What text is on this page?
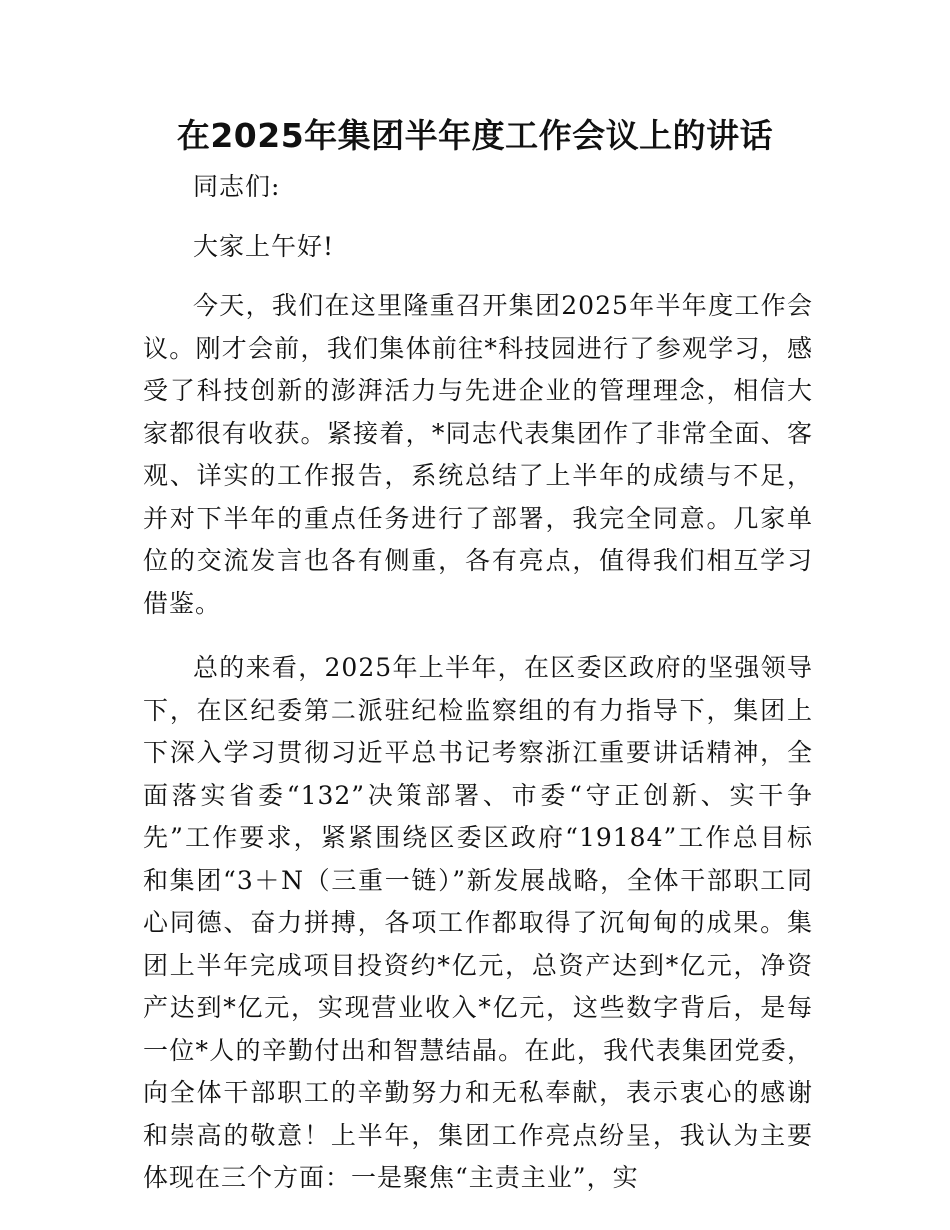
在2025年集团半年度工作会议上的讲话

同志们:

大家上午好!

今天，我们在这里隆重召开集团2025年半年度工作会议。刚才会前，我们集体前往*科技园进行了参观学习，感受了科技创新的澎湃活力与先进企业的管理理念，相信大家都很有收获。紧接着，*同志代表集团作了非常全面、客观、详实的工作报告，系统总结了上半年的成绩与不足，并对下半年的重点任务进行了部署，我完全同意。几家单位的交流发言也各有侧重，各有亮点，值得我们相互学习借鉴。

总的来看，2025年上半年，在区委区政府的坚强领导下，在区纪委第二派驻纪检监察组的有力指导下，集团上下深入学习贯彻习近平总书记考察浙江重要讲话精神，全面落实省委“132”决策部署、市委“守正创新、实干争先”工作要求，紧紧围绕区委区政府“19184”工作总目标和集团“3＋N（三重一链）”新发展战略，全体干部职工同心同德、奋力拼搏，各项工作都取得了沉甸甸的成果。集团上半年完成项目投资约*亿元，总资产达到*亿元，净资产达到*亿元，实现营业收入*亿元，这些数字背后，是每一位*人的辛勤付出和智慧结晶。在此，我代表集团党委，向全体干部职工的辛勤努力和无私奉献，表示衷心的感谢和崇高的敬意！上半年，集团工作亮点纷呈，我认为主要体现在三个方面：一是聚焦“主责主业”，实
